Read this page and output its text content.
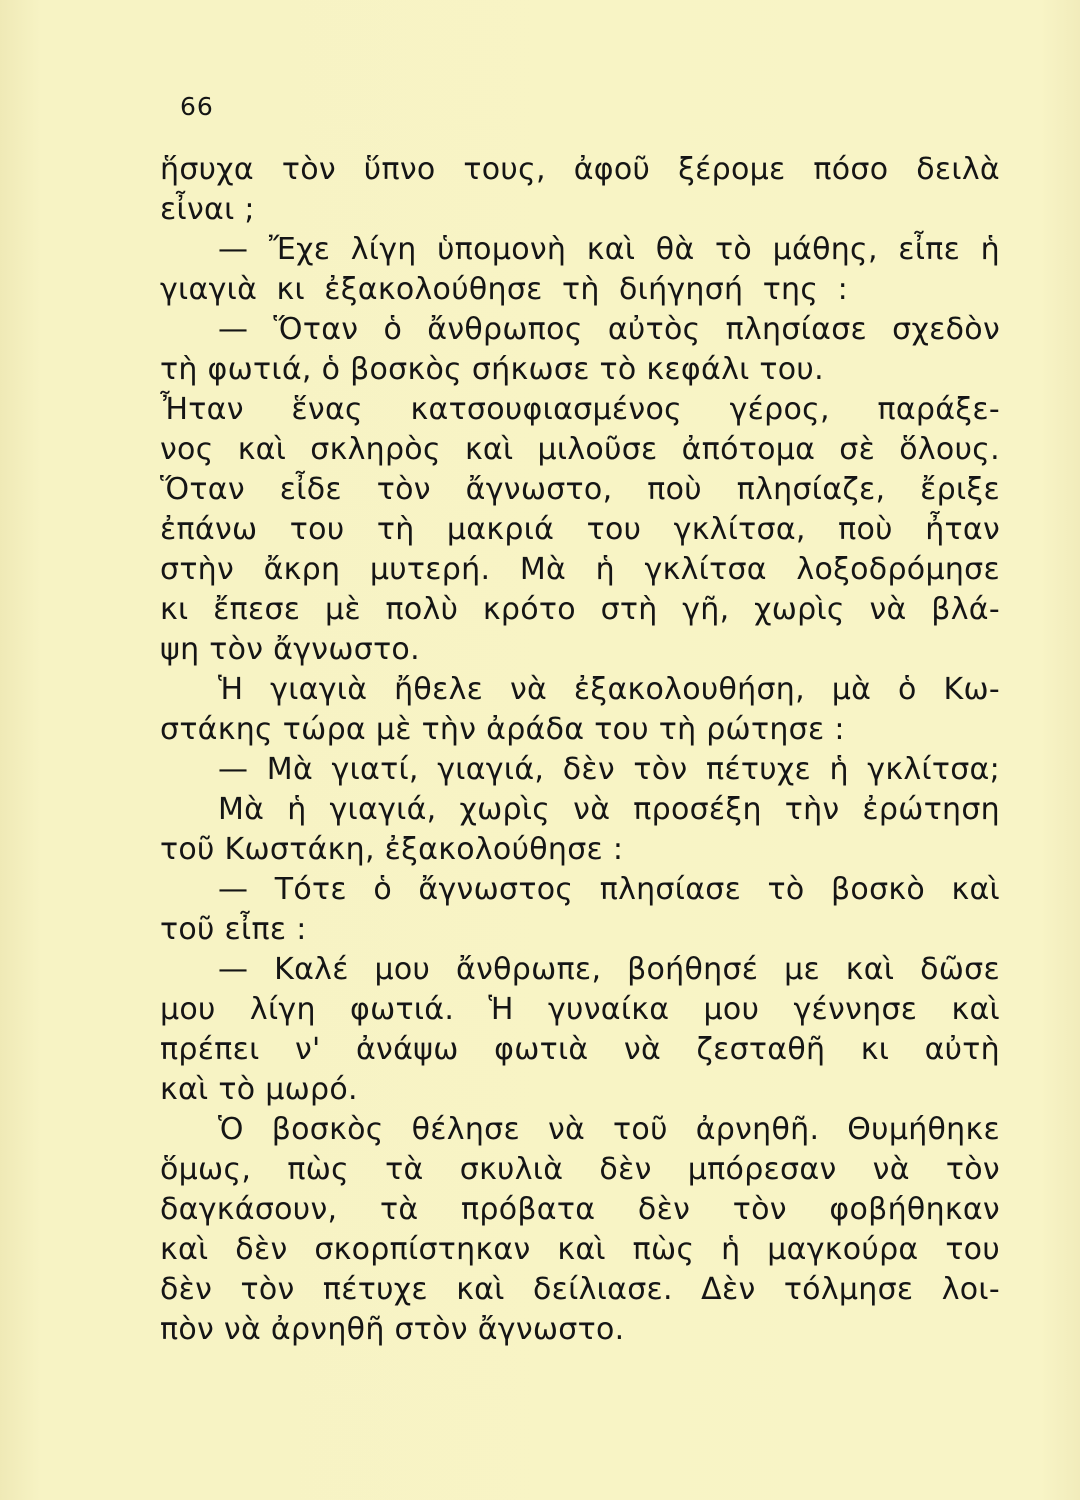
66
ἥσυχα τὸν ὕπνο τους, ἀφοῦ ξέρομε πόσο δειλὰ
εἶναι ;
— Ἔχε λίγη ὑπομονὴ καὶ θὰ τὸ μάθης, εἶπε ἡ
γιαγιὰ κι ἐξακολούθησε τὴ διήγησή της :
— Ὅταν ὁ ἄνθρωπος αὐτὸς πλησίασε σχεδὸν
τὴ φωτιά, ὁ βοσκὸς σήκωσε τὸ κεφάλι του.
Ἦταν ἕνας κατσουφιασμένος γέρος, παράξε-
νος καὶ σκληρὸς καὶ μιλοῦσε ἀπότομα σὲ ὅλους.
Ὅταν εἶδε τὸν ἄγνωστο, ποὺ πλησίαζε, ἔριξε
ἐπάνω του τὴ μακριά του γκλίτσα, ποὺ ἦταν
στὴν ἄκρη μυτερή. Μὰ ἡ γκλίτσα λοξοδρόμησε
κι ἔπεσε μὲ πολὺ κρότο στὴ γῆ, χωρὶς νὰ βλά-
ψη τὸν ἄγνωστο.
Ἡ γιαγιὰ ἤθελε νὰ ἐξακολουθήση, μὰ ὁ Κω-
στάκης τώρα μὲ τὴν ἀράδα του τὴ ρώτησε :
— Μὰ γιατί, γιαγιά, δὲν τὸν πέτυχε ἡ γκλίτσα;
Μὰ ἡ γιαγιά, χωρὶς νὰ προσέξη τὴν ἐρώτηση
τοῦ Κωστάκη, ἐξακολούθησε :
— Τότε ὁ ἄγνωστος πλησίασε τὸ βοσκὸ καὶ
τοῦ εἶπε :
— Καλέ μου ἄνθρωπε, βοήθησέ με καὶ δῶσε
μου λίγη φωτιά. Ἡ γυναίκα μου γέννησε καὶ
πρέπει ν' ἀνάψω φωτιὰ νὰ ζεσταθῆ κι αὐτὴ
καὶ τὸ μωρό.
Ὁ βοσκὸς θέλησε νὰ τοῦ ἀρνηθῆ. Θυμήθηκε
ὅμως, πὼς τὰ σκυλιὰ δὲν μπόρεσαν νὰ τὸν
δαγκάσουν, τὰ πρόβατα δὲν τὸν φοβήθηκαν
καὶ δὲν σκορπίστηκαν καὶ πὼς ἡ μαγκούρα του
δὲν τὸν πέτυχε καὶ δείλιασε. Δὲν τόλμησε λοι-
πὸν νὰ ἀρνηθῆ στὸν ἄγνωστο.
